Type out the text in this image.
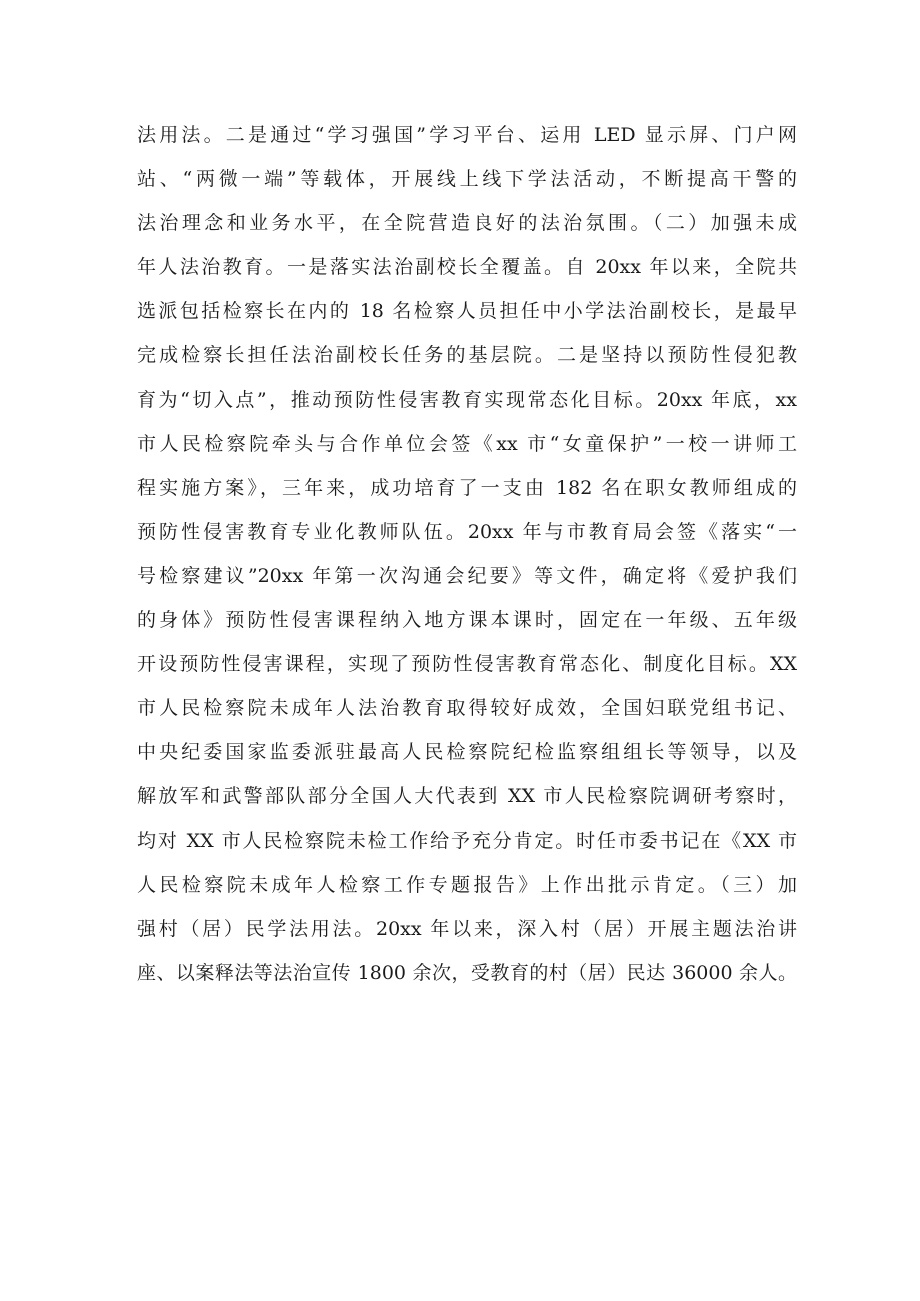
法用法。二是通过“学习强国”学习平台、运用 LED 显示屏、门户网
站、“两微一端”等载体，开展线上线下学法活动，不断提高干警的
法治理念和业务水平，在全院营造良好的法治氛围。（二）加强未成
年人法治教育。一是落实法治副校长全覆盖。自 20xx 年以来，全院共
选派包括检察长在内的 18 名检察人员担任中小学法治副校长，是最早
完成检察长担任法治副校长任务的基层院。二是坚持以预防性侵犯教
育为“切入点”，推动预防性侵害教育实现常态化目标。20xx 年底，xx
市人民检察院牵头与合作单位会签《xx 市“女童保护”一校一讲师工
程实施方案》，三年来，成功培育了一支由 182 名在职女教师组成的
预防性侵害教育专业化教师队伍。20xx 年与市教育局会签《落实“一
号检察建议”20xx 年第一次沟通会纪要》等文件，确定将《爱护我们
的身体》预防性侵害课程纳入地方课本课时，固定在一年级、五年级
开设预防性侵害课程，实现了预防性侵害教育常态化、制度化目标。XX
市人民检察院未成年人法治教育取得较好成效，全国妇联党组书记、
中央纪委国家监委派驻最高人民检察院纪检监察组组长等领导，以及
解放军和武警部队部分全国人大代表到 XX 市人民检察院调研考察时，
均对 XX 市人民检察院未检工作给予充分肯定。时任市委书记在《XX 市
人民检察院未成年人检察工作专题报告》上作出批示肯定。（三）加
强村（居）民学法用法。20xx 年以来，深入村（居）开展主题法治讲
座、以案释法等法治宣传 1800 余次，受教育的村（居）民达 36000 余人。
